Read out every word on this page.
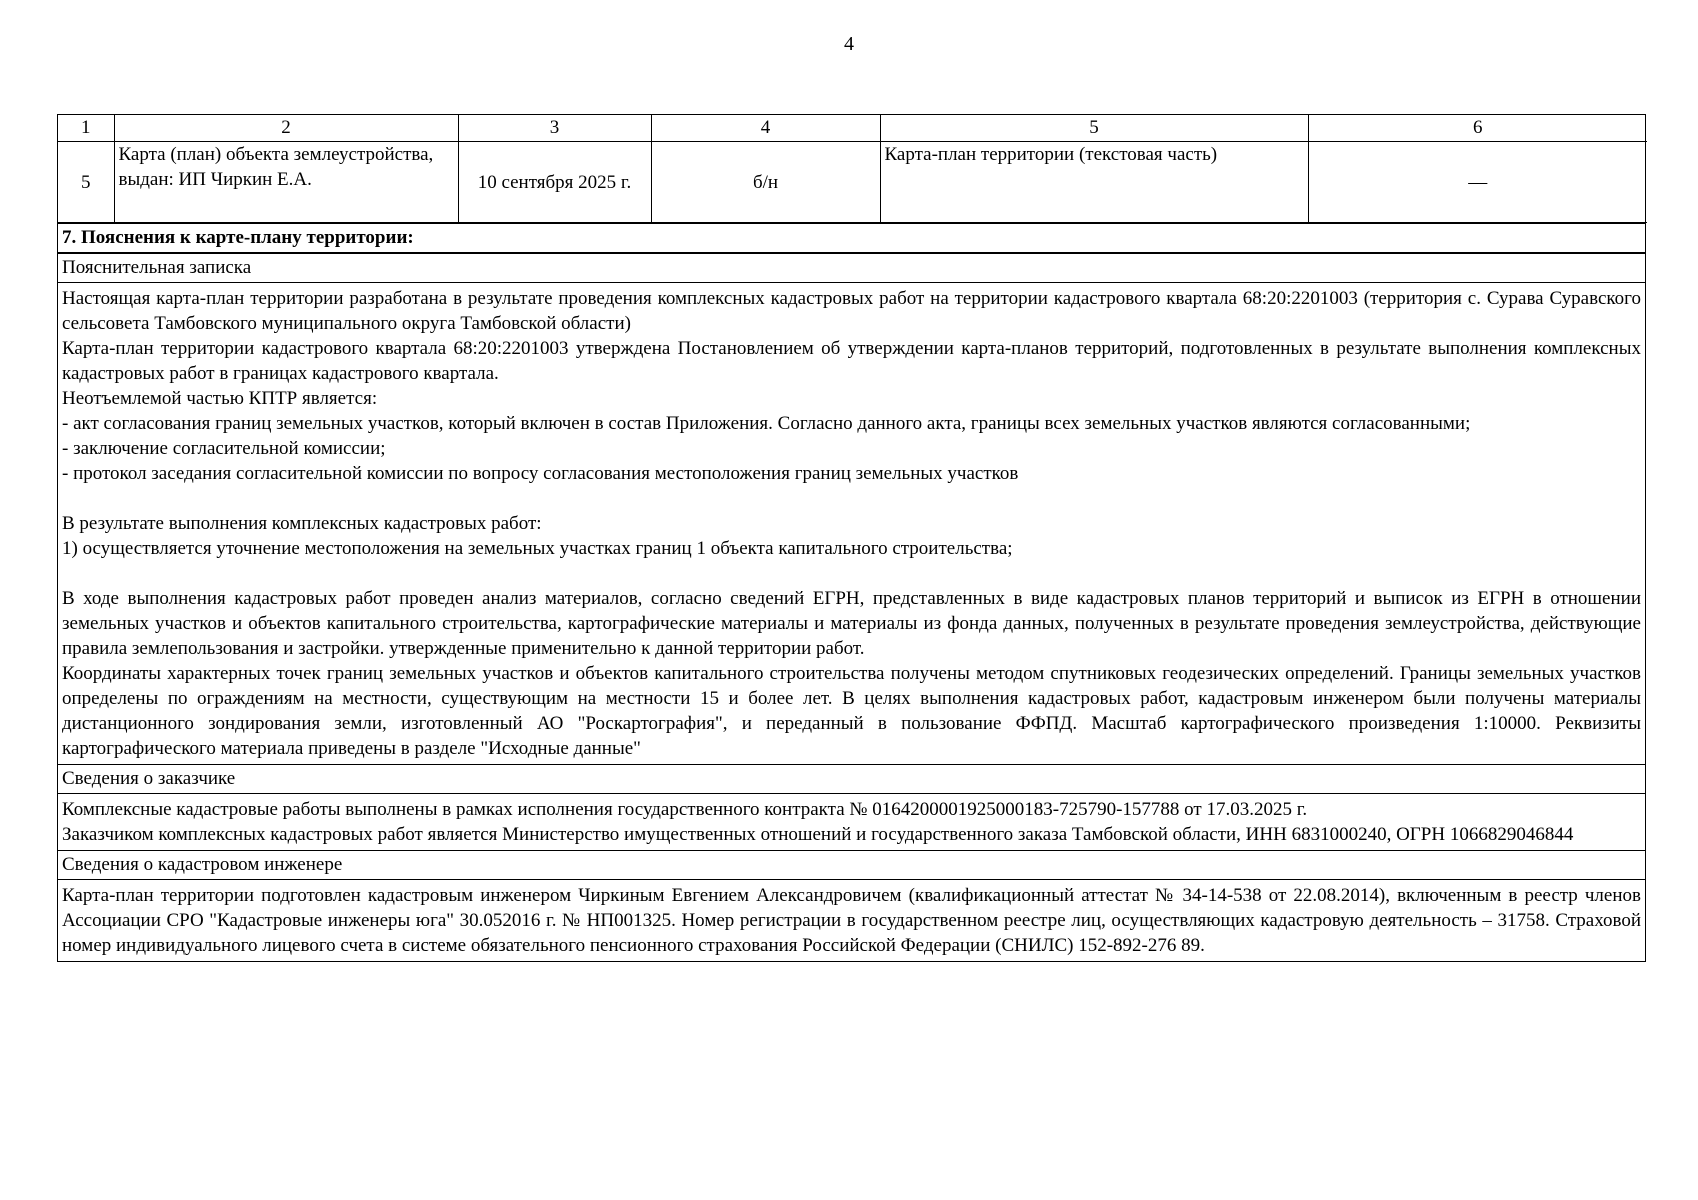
4
1	2	3	4	5	6
5	Карта (план) объекта землеустройства, выдан: ИП Чиркин Е.А.	10 сентября 2025 г.	б/н	Карта-план территории (текстовая часть)	—
7. Пояснения к карте-плану территории:
Пояснительная записка

Настоящая карта-план территории разработана в результате проведения комплексных кадастровых работ на территории кадастрового квартала 68:20:2201003 (территория с. Сурава Суравского сельсовета Тамбовского муниципального округа Тамбовской области)

Карта-план территории кадастрового квартала 68:20:2201003 утверждена Постановлением об утверждении карта-планов территорий, подготовленных в результате выполнения комплексных кадастровых работ в границах кадастрового квартала.

Неотъемлемой частью КПТР является:

- акт согласования границ земельных участков, который включен в состав Приложения. Согласно данного акта, границы всех земельных участков являются согласованными;

- заключение согласительной комиссии;

- протокол заседания согласительной комиссии по вопросу согласования местоположения границ земельных участков

В результате выполнения комплексных кадастровых работ:

1) осуществляется уточнение местоположения на земельных участках границ 1 объекта капитального строительства;

В ходе выполнения кадастровых работ проведен анализ материалов, согласно сведений ЕГРН, представленных в виде кадастровых планов территорий и выписок из ЕГРН в отношении земельных участков и объектов капитального строительства, картографические материалы и материалы из фонда данных, полученных в результате проведения землеустройства, действующие правила землепользования и застройки. утвержденные применительно к данной территории работ.

Координаты характерных точек границ земельных участков и объектов капитального строительства получены методом спутниковых геодезических определений. Границы земельных участков определены по ограждениям на местности, существующим на местности 15 и более лет. В целях выполнения кадастровых работ, кадастровым инженером были получены материалы дистанционного зондирования земли, изготовленный АО "Роскартография", и переданный в пользование ФФПД. Масштаб картографического произведения 1:10000. Реквизиты картографического материала приведены в разделе "Исходные данные"

Сведения о заказчике

Комплексные кадастровые работы выполнены в рамках исполнения государственного контракта № 0164200001925000183-725790-157788 от 17.03.2025 г.

Заказчиком комплексных кадастровых работ является Министерство имущественных отношений и государственного заказа Тамбовской области, ИНН 6831000240, ОГРН 1066829046844

Сведения о кадастровом инженере

Карта-план территории подготовлен кадастровым инженером Чиркиным Евгением Александровичем (квалификационный аттестат № 34-14-538 от 22.08.2014), включенным в реестр членов Ассоциации СРО "Кадастровые инженеры юга" 30.052016 г. № НП001325. Номер регистрации в государственном реестре лиц, осуществляющих кадастровую деятельность – 31758. Страховой номер индивидуального лицевого счета в системе обязательного пенсионного страхования Российской Федерации (СНИЛС) 152-892-276 89.
